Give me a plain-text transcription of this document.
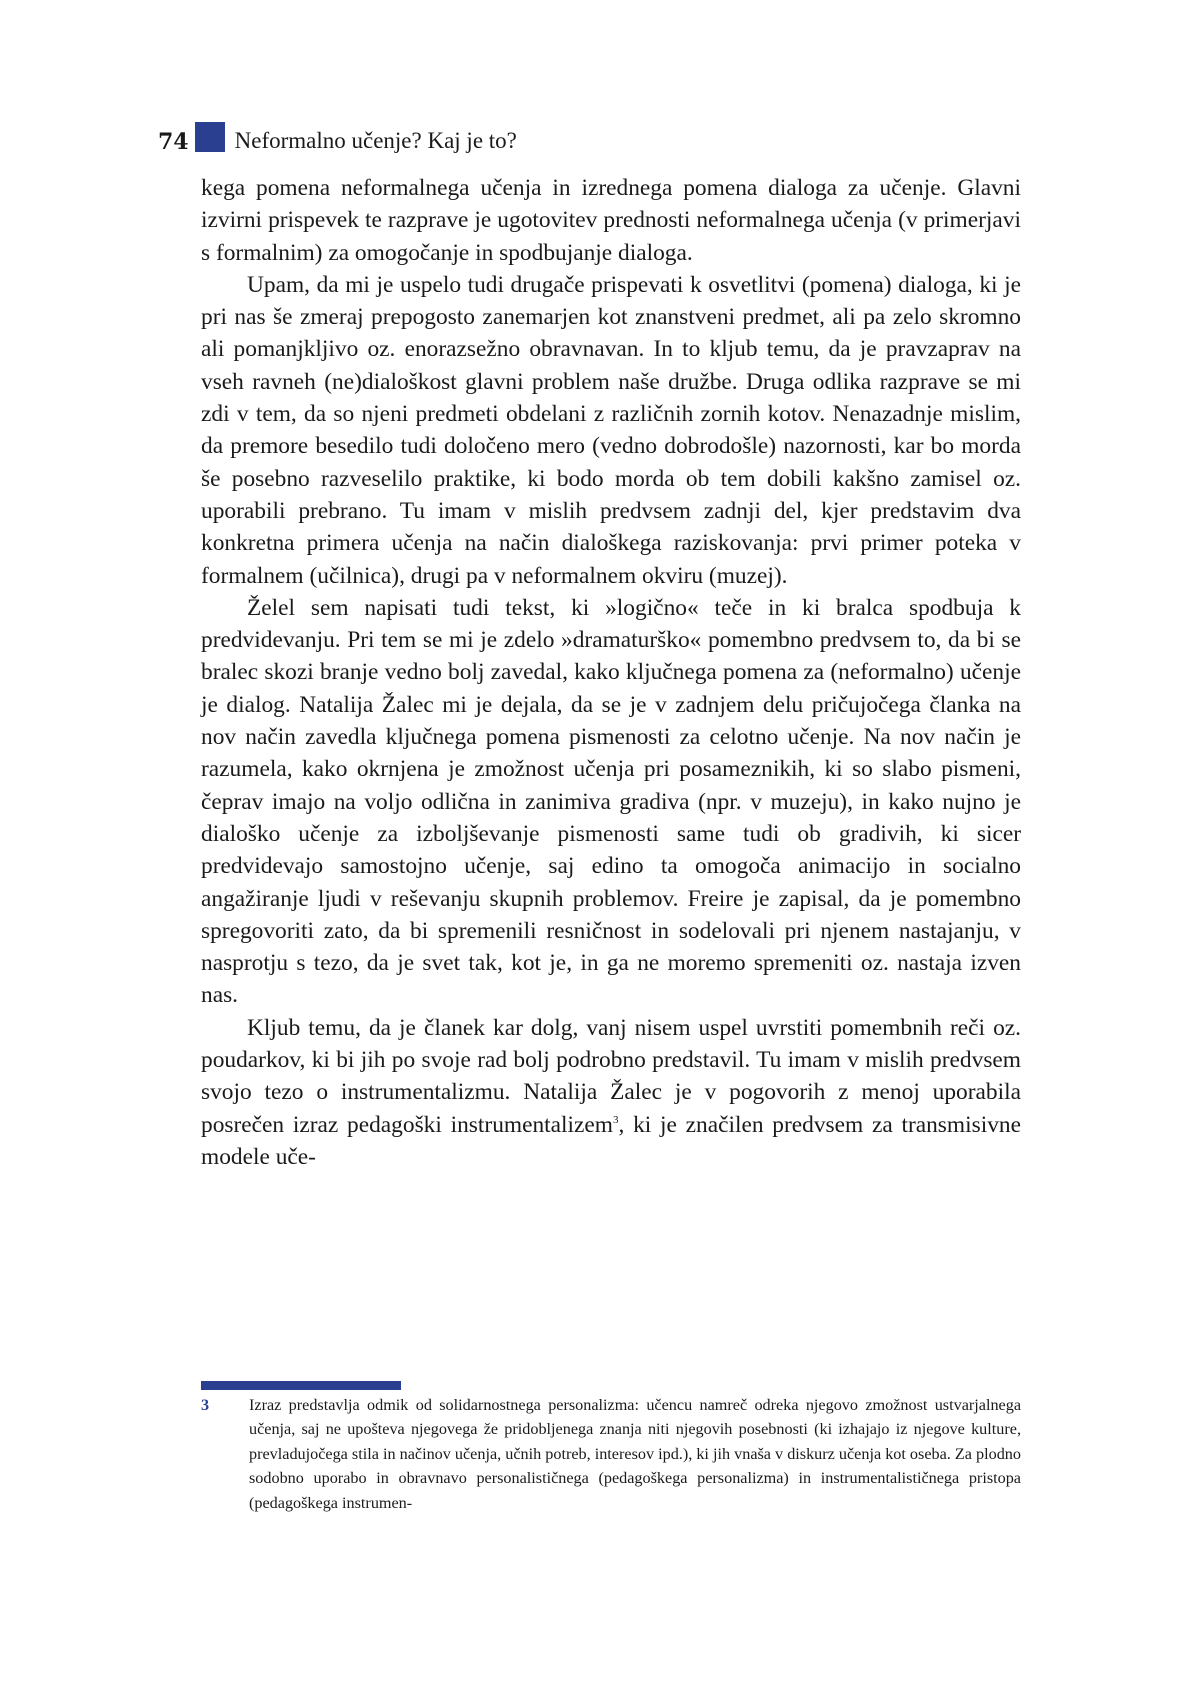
74 Neformalno učenje? Kaj je to?

kega pomena neformalnega učenja in izrednega pomena dialoga za učenje. Glavni izvirni prispevek te razprave je ugotovitev prednosti neformalnega učenja (v primerjavi s formalnim) za omogočanje in spodbujanje dialoga.

Upam, da mi je uspelo tudi drugače prispevati k osvetlitvi (pomena) dialoga, ki je pri nas še zmeraj prepogosto zanemarjen kot znanstveni predmet, ali pa zelo skromno ali pomanjkljivo oz. enorazsežno obravnavan. In to kljub temu, da je pravzaprav na vseh ravneh (ne)dialoškost glavni problem naše družbe. Druga odlika razprave se mi zdi v tem, da so njeni predmeti obdelani z različnih zornih kotov. Nenazadnje mislim, da premore besedilo tudi določeno mero (vedno dobrodošle) nazornosti, kar bo morda še posebno razveselilo praktike, ki bodo morda ob tem dobili kakšno zamisel oz. uporabili prebrano. Tu imam v mislih predvsem zadnji del, kjer predstavim dva konkretna primera učenja na način dialoškega raziskovanja: prvi primer poteka v formalnem (učilnica), drugi pa v neformalnem okviru (muzej).

Želel sem napisati tudi tekst, ki »logično« teče in ki bralca spodbuja k predvidevanju. Pri tem se mi je zdelo »dramaturško« pomembno predvsem to, da bi se bralec skozi branje vedno bolj zavedal, kako ključnega pomena za (neformalno) učenje je dialog. Natalija Žalec mi je dejala, da se je v zadnjem delu pričujočega članka na nov način zavedla ključnega pomena pismenosti za celotno učenje. Na nov način je razumela, kako okrnjena je zmožnost učenja pri posameznikih, ki so slabo pismeni, čeprav imajo na voljo odlična in zanimiva gradiva (npr. v muzeju), in kako nujno je dialoško učenje za izboljševanje pismenosti same tudi ob gradivih, ki sicer predvidevajo samostojno učenje, saj edino ta omogoča animacijo in socialno angažiranje ljudi v reševanju skupnih problemov. Freire je zapisal, da je pomembno spregovoriti zato, da bi spremenili resničnost in sodelovali pri njenem nastajanju, v nasprotju s tezo, da je svet tak, kot je, in ga ne moremo spremeniti oz. nastaja izven nas.

Kljub temu, da je članek kar dolg, vanj nisem uspel uvrstiti pomembnih reči oz. poudarkov, ki bi jih po svoje rad bolj podrobno predstavil. Tu imam v mislih predvsem svojo tezo o instrumentalizmu. Natalija Žalec je v pogovorih z menoj uporabila posrečen izraz pedagoški instrumentalizem$^3$, ki je značilen predvsem za transmisivne modele uče-

3	Izraz predstavlja odmik od solidarnostnega personalizma: učencu namreč odreka njegovo zmožnost ustvarjalnega učenja, saj ne upošteva njegovega že pridobljenega znanja niti njegovih posebnosti (ki izhajajo iz njegove kulture, prevladujočega stila in načinov učenja, učnih potreb, interesov ipd.), ki jih vnaša v diskurz učenja kot oseba. Za plodno sodobno uporabo in obravnavo personalističnega (pedagoškega personalizma) in instrumentalističnega pristopa (pedagoškega instrumen-
